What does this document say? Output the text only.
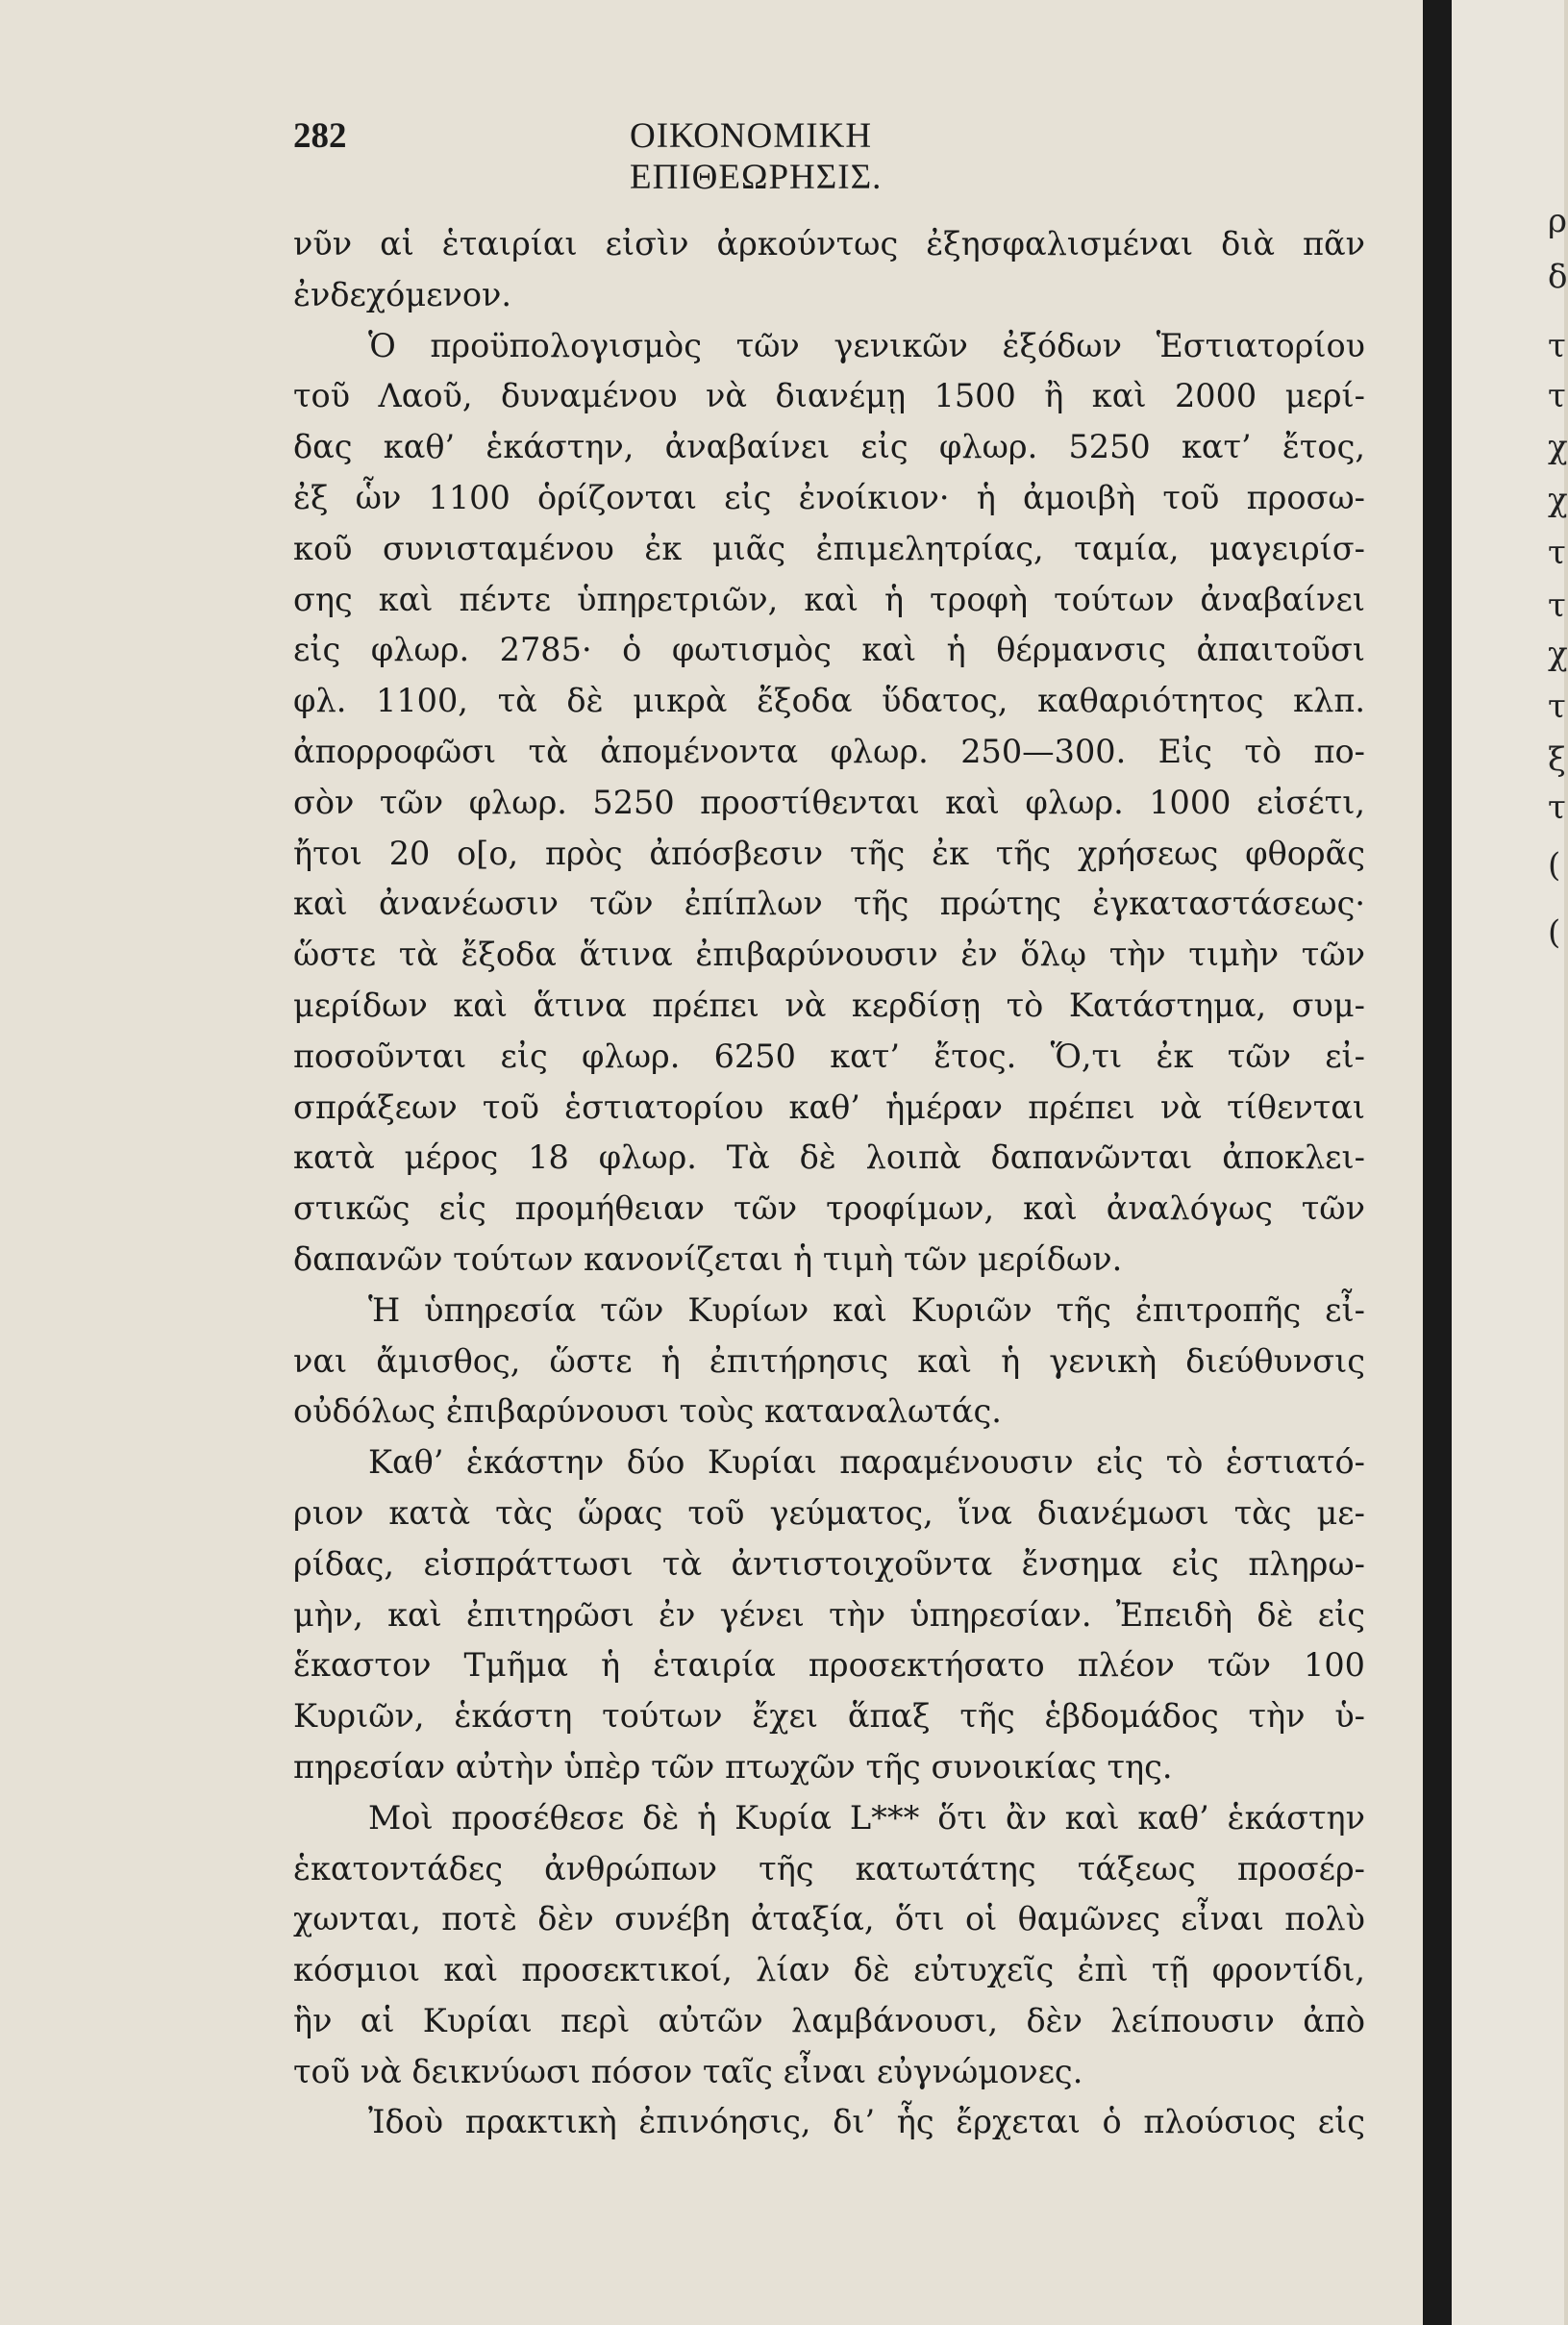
282	ΟΙΚΟΝΟΜΙΚΗ ΕΠΙΘΕΩΡΗΣΙΣ.
νῦν αἱ ἑταιρίαι εἰσὶν ἀρκούντως ἐξησφαλισμέναι διὰ πᾶν
ἐνδεχόμενον.
Ὁ προϋπολογισμὸς τῶν γενικῶν ἐξόδων Ἑστιατορίου
τοῦ Λαοῦ, δυναμένου νὰ διανέμῃ 1500 ἢ καὶ 2000 μερί-
δας καθ’ ἑκάστην, ἀναβαίνει εἰς φλωρ. 5250 κατ’ ἔτος,
ἐξ ὧν 1100 ὁρίζονται εἰς ἐνοίκιον· ἡ ἀμοιβὴ τοῦ προσω-
κοῦ συνισταμένου ἐκ μιᾶς ἐπιμελητρίας, ταμία, μαγειρίσ-
σης καὶ πέντε ὑπηρετριῶν, καὶ ἡ τροφὴ τούτων ἀναβαίνει
εἰς φλωρ. 2785· ὁ φωτισμὸς καὶ ἡ θέρμανσις ἀπαιτοῦσι
φλ. 1100, τὰ δὲ μικρὰ ἔξοδα ὕδατος, καθαριότητος κλπ.
ἀπορροφῶσι τὰ ἀπομένοντα φλωρ. 250—300. Εἰς τὸ πο-
σὸν τῶν φλωρ. 5250 προστίθενται καὶ φλωρ. 1000 εἰσέτι,
ἤτοι 20 ο[ο, πρὸς ἀπόσβεσιν τῆς ἐκ τῆς χρήσεως φθορᾶς
καὶ ἀνανέωσιν τῶν ἐπίπλων τῆς πρώτης ἐγκαταστάσεως·
ὥστε τὰ ἔξοδα ἅτινα ἐπιβαρύνουσιν ἐν ὅλῳ τὴν τιμὴν τῶν
μερίδων καὶ ἅτινα πρέπει νὰ κερδίσῃ τὸ Κατάστημα, συμ-
ποσοῦνται εἰς φλωρ. 6250 κατ’ ἔτος. Ὅ,τι ἐκ τῶν εἰ-
σπράξεων τοῦ ἑστιατορίου καθ’ ἡμέραν πρέπει νὰ τίθενται
κατὰ μέρος 18 φλωρ. Τὰ δὲ λοιπὰ δαπανῶνται ἀποκλει-
στικῶς εἰς προμήθειαν τῶν τροφίμων, καὶ ἀναλόγως τῶν
δαπανῶν τούτων κανονίζεται ἡ τιμὴ τῶν μερίδων.
Ἡ ὑπηρεσία τῶν Κυρίων καὶ Κυριῶν τῆς ἐπιτροπῆς εἶ-
ναι ἄμισθος, ὥστε ἡ ἐπιτήρησις καὶ ἡ γενικὴ διεύθυνσις
οὐδόλως ἐπιβαρύνουσι τοὺς καταναλωτάς.
Καθ’ ἑκάστην δύο Κυρίαι παραμένουσιν εἰς τὸ ἑστιατό-
ριον κατὰ τὰς ὥρας τοῦ γεύματος, ἵνα διανέμωσι τὰς με-
ρίδας, εἰσπράττωσι τὰ ἀντιστοιχοῦντα ἔνσημα εἰς πληρω-
μὴν, καὶ ἐπιτηρῶσι ἐν γένει τὴν ὑπηρεσίαν. Ἐπειδὴ δὲ εἰς
ἕκαστον Τμῆμα ἡ ἑταιρία προσεκτήσατο πλέον τῶν 100
Κυριῶν, ἑκάστη τούτων ἔχει ἅπαξ τῆς ἑβδομάδος τὴν ὑ-
πηρεσίαν αὐτὴν ὑπὲρ τῶν πτωχῶν τῆς συνοικίας της.
Μοὶ προσέθεσε δὲ ἡ Κυρία L*** ὅτι ἂν καὶ καθ’ ἑκάστην
ἑκατοντάδες ἀνθρώπων τῆς κατωτάτης τάξεως προσέρ-
χωνται, ποτὲ δὲν συνέβη ἀταξία, ὅτι οἱ θαμῶνες εἶναι πολὺ
κόσμιοι καὶ προσεκτικοί, λίαν δὲ εὐτυχεῖς ἐπὶ τῇ φροντίδι,
ἣν αἱ Κυρίαι περὶ αὐτῶν λαμβάνουσι, δὲν λείπουσιν ἀπὸ
τοῦ νὰ δεικνύωσι πόσον ταῖς εἶναι εὐγνώμονες.
Ἰδοὺ πρακτικὴ ἐπινόησις, δι’ ἧς ἔρχεται ὁ πλούσιος εἰς
ρ
δ
τ
τ
χ
χ
τ
τ
χ
τ
ξ
τ
(
(
